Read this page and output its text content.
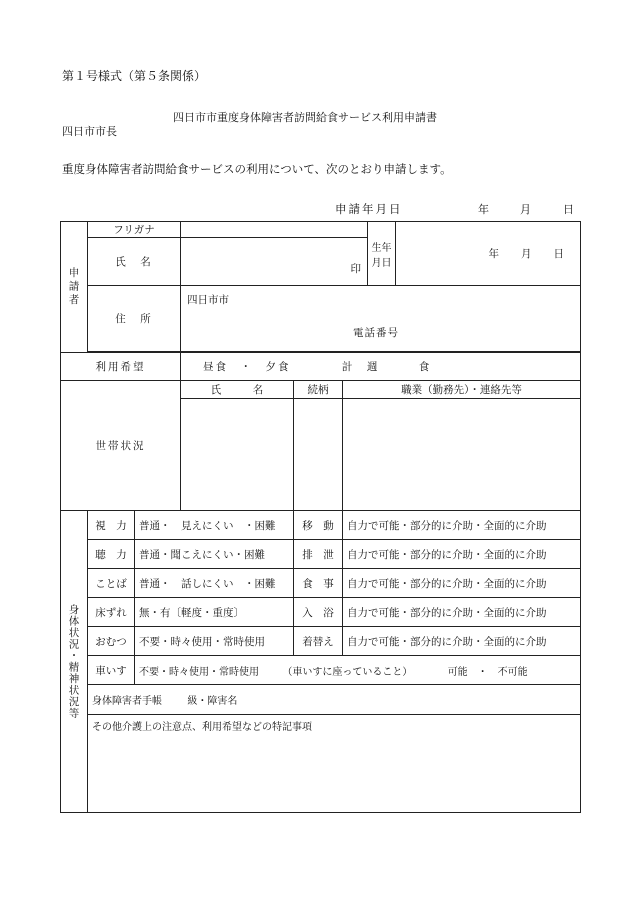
第１号様式（第５条関係）
四日市市重度身体障害者訪問給食サービス利用申請書
四日市市長
重度身体障害者訪問給食サービスの利用について、次のとおり申請します。
申請年月日	年	月	日
申請者	フリガナ					生年月日	年 月 日

	氏　名		印				

	住　所		四日市市
電話番号				

利用希望			昼食　・　夕食 計　週 食				
世帯状況			氏　　　名	続柄	職業（勤務先）・連絡先等		

身体状況・精神状況等	視　力	普通・　見えにくい　・困難		移　動	自力で可能・部分的に介助・全面的に介助		
	聴　力	普通・聞こえにくい・困難		排　泄	自力で可能・部分的に介助・全面的に介助		
	ことば	普通・　話しにくい　・困難		食　事	自力で可能・部分的に介助・全面的に介助		
	床ずれ	無・有〔軽度・重度〕		入　浴	自力で可能・部分的に介助・全面的に介助		
	おむつ	不要・時々使用・常時使用		着替え	自力で可能・部分的に介助・全面的に介助		
	車いす	不要・時々使用・常時使用 （車いすに座っていること） 可能　・　不可能					
	身体障害者手帳 級・障害名						
	その他介護上の注意点、利用希望などの特記事項						
